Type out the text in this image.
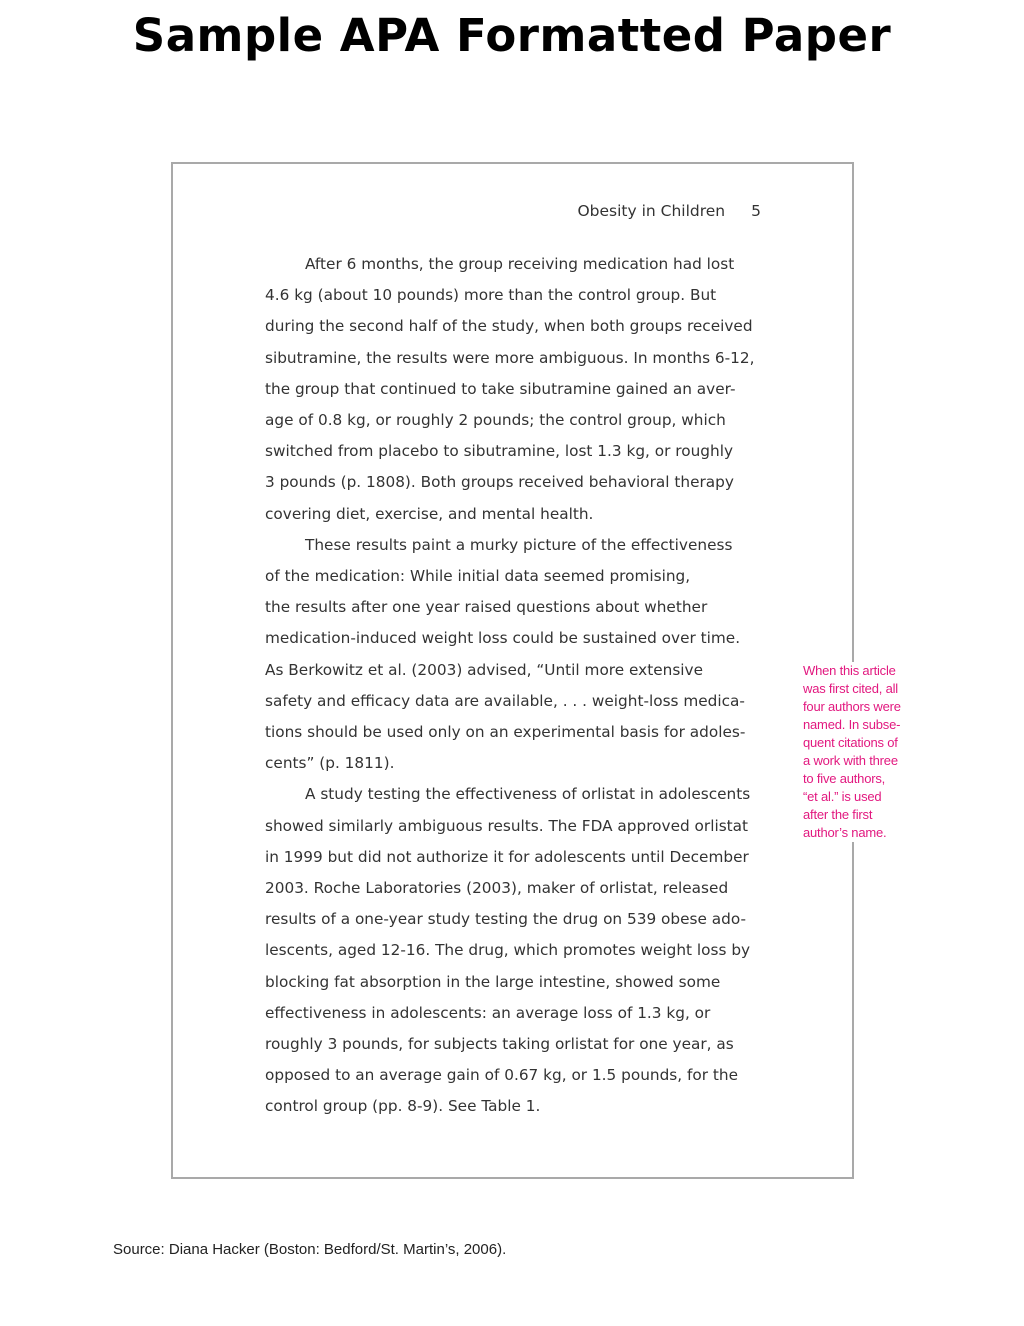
Sample APA Formatted Paper
Obesity in Children 5
After 6 months, the group receiving medication had lost
4.6 kg (about 10 pounds) more than the control group. But
during the second half of the study, when both groups received
sibutramine, the results were more ambiguous. In months 6-12,
the group that continued to take sibutramine gained an aver-
age of 0.8 kg, or roughly 2 pounds; the control group, which
switched from placebo to sibutramine, lost 1.3 kg, or roughly
3 pounds (p. 1808). Both groups received behavioral therapy
covering diet, exercise, and mental health.
These results paint a murky picture of the effectiveness
of the medication: While initial data seemed promising,
the results after one year raised questions about whether
medication-induced weight loss could be sustained over time.
As Berkowitz et al. (2003) advised, “Until more extensive
safety and efficacy data are available, . . . weight-loss medica-
tions should be used only on an experimental basis for adoles-
cents” (p. 1811).
A study testing the effectiveness of orlistat in adolescents
showed similarly ambiguous results. The FDA approved orlistat
in 1999 but did not authorize it for adolescents until December
2003. Roche Laboratories (2003), maker of orlistat, released
results of a one-year study testing the drug on 539 obese ado-
lescents, aged 12-16. The drug, which promotes weight loss by
blocking fat absorption in the large intestine, showed some
effectiveness in adolescents: an average loss of 1.3 kg, or
roughly 3 pounds, for subjects taking orlistat for one year, as
opposed to an average gain of 0.67 kg, or 1.5 pounds, for the
control group (pp. 8-9). See Table 1.
When this article
was first cited, all
four authors were
named. In subse-
quent citations of
a work with three
to five authors,
“et al.” is used
after the first
author’s name.
Source: Diana Hacker (Boston: Bedford/St. Martin’s, 2006).
